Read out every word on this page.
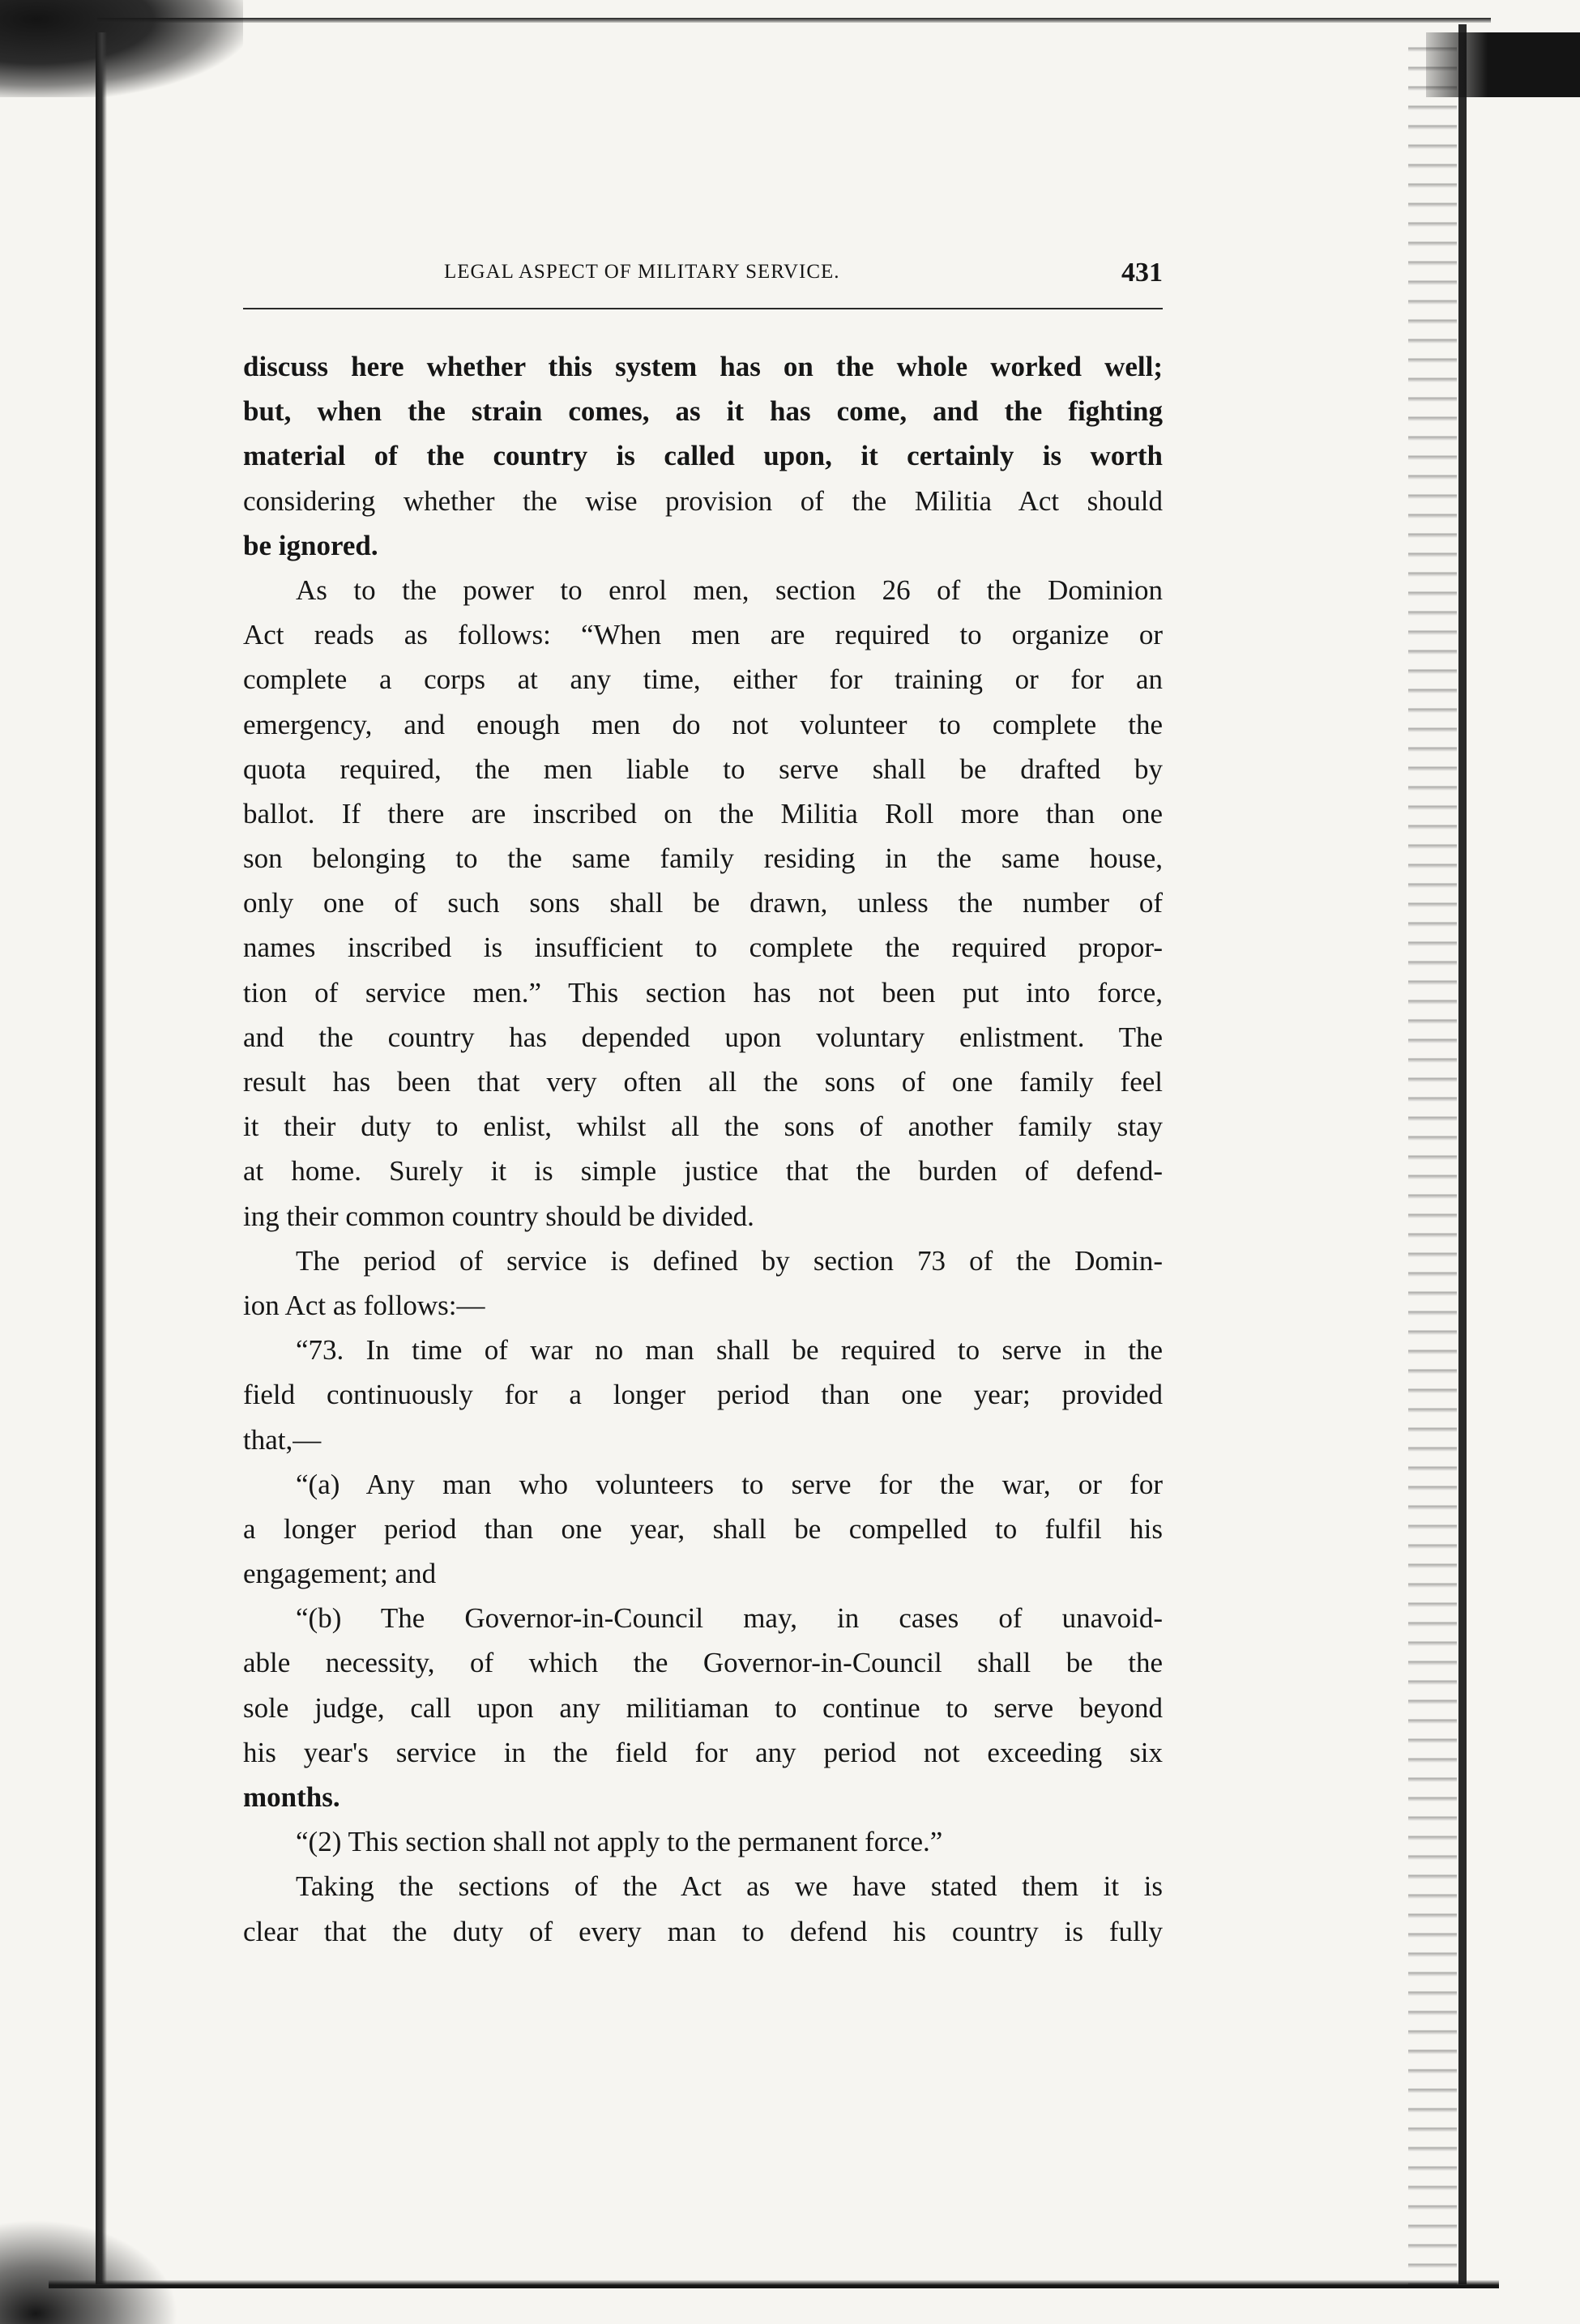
LEGAL ASPECT OF MILITARY SERVICE.	431
discuss here whether this system has on the whole worked well;
but, when the strain comes, as it has come, and the fighting
material of the country is called upon, it certainly is worth
considering whether the wise provision of the Militia Act should
be ignored.
As to the power to enrol men, section 26 of the Dominion
Act reads as follows: “When men are required to organize or
complete a corps at any time, either for training or for an
emergency, and enough men do not volunteer to complete the
quota required, the men liable to serve shall be drafted by
ballot. If there are inscribed on the Militia Roll more than one
son belonging to the same family residing in the same house,
only one of such sons shall be drawn, unless the number of
names inscribed is insufficient to complete the required propor-
tion of service men.” This section has not been put into force,
and the country has depended upon voluntary enlistment. The
result has been that very often all the sons of one family feel
it their duty to enlist, whilst all the sons of another family stay
at home. Surely it is simple justice that the burden of defend-
ing their common country should be divided.
The period of service is defined by section 73 of the Domin-
ion Act as follows:—
“73. In time of war no man shall be required to serve in the
field continuously for a longer period than one year; provided
that,—
“(a) Any man who volunteers to serve for the war, or for
a longer period than one year, shall be compelled to fulfil his
engagement; and
“(b) The Governor-in-Council may, in cases of unavoid-
able necessity, of which the Governor-in-Council shall be the
sole judge, call upon any militiaman to continue to serve beyond
his year's service in the field for any period not exceeding six
months.
“(2) This section shall not apply to the permanent force.”
Taking the sections of the Act as we have stated them it is
clear that the duty of every man to defend his country is fully
